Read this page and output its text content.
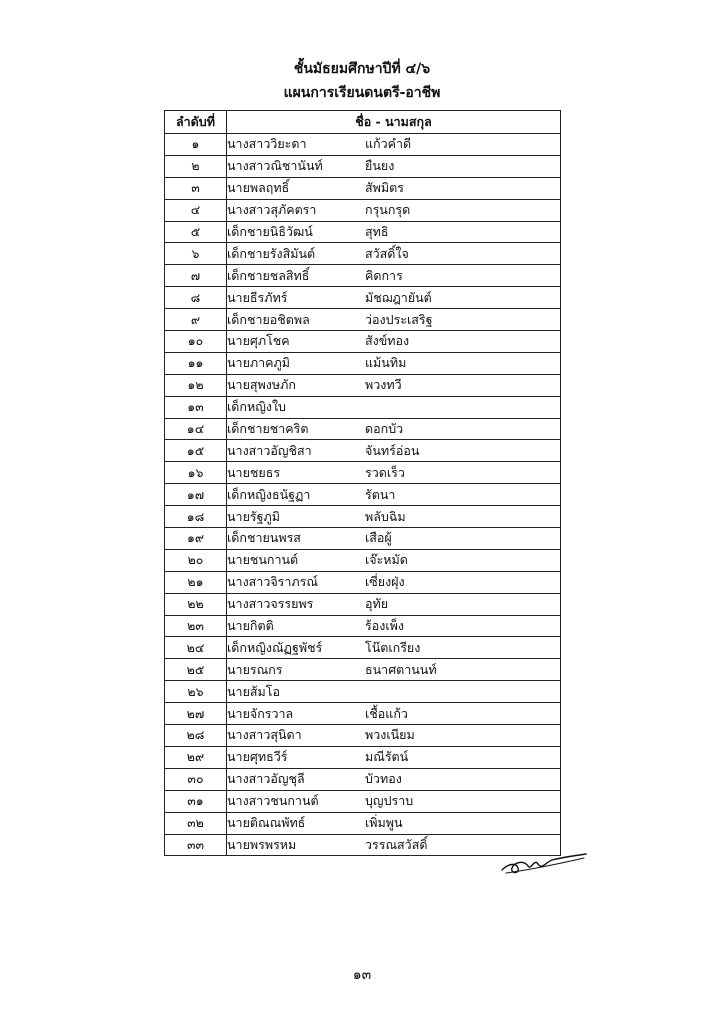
ชั้นมัธยมศึกษาปีที่ ๔/๖
แผนการเรียนดนตรี-อาชีพ
ลำดับที่	ชื่อ - นามสกุล
๑	นางสาววิยะดา แก้วคำดี
๒	นางสาวณิชานันท์ ยืนยง
๓	นายพลฤทธิ์ สัพมิตร
๔	นางสาวสุภัคตรา กรุนกรุด
๕	เด็กชายนิธิวัฒน์ สุทธิ
๖	เด็กชายรังสิมันต์ สวัสดิ์ใจ
๗	เด็กชายชลสิทธิ์ คิดการ
๘	นายธีรภัทร์ มัชฌฎายันต์
๙	เด็กชายอชิตพล ว่องประเสริฐ
๑๐	นายศุภโชค สังข์ทอง
๑๑	นายภาคภูมิ แม้นทิม
๑๒	นายสุพงษภัก พวงทวี
๑๓	เด็กหญิงใบ
๑๔	เด็กชายชาคริต ดอกบัว
๑๕	นางสาวอัญชิสา จันทร์อ่อน
๑๖	นายชยธร รวดเร็ว
๑๗	เด็กหญิงธนัฐฏา รัตนา
๑๘	นายรัฐภูมิ พลับฉิม
๑๙	เด็กชายนพรส เสือผู้
๒๐	นายชนกานต์ เจ๊ะหมัด
๒๑	นางสาวจิราภรณ์ เซี่ยงฝุ่ง
๒๒	นางสาวจรรยพร อุทัย
๒๓	นายกิตติ ร้องเพ็ง
๒๔	เด็กหญิงณัฏฐพัชร์ โน๊ตเกรียง
๒๕	นายรณกร ธนาศตานนท์
๒๖	นายส้มโอ
๒๗	นายจักรวาล เชื้อแก้ว
๒๘	นางสาวสุนิดา พวงเนียม
๒๙	นายศุทธวีร์ มณีรัตน์
๓๐	นางสาวอัญชุลี บัวทอง
๓๑	นางสาวชนกานต์ บุญปราบ
๓๒	นายติณณพัทธ์ เพิ่มพูน
๓๓	นายพรพรหม วรรณสวัสดิ์
๑๓
